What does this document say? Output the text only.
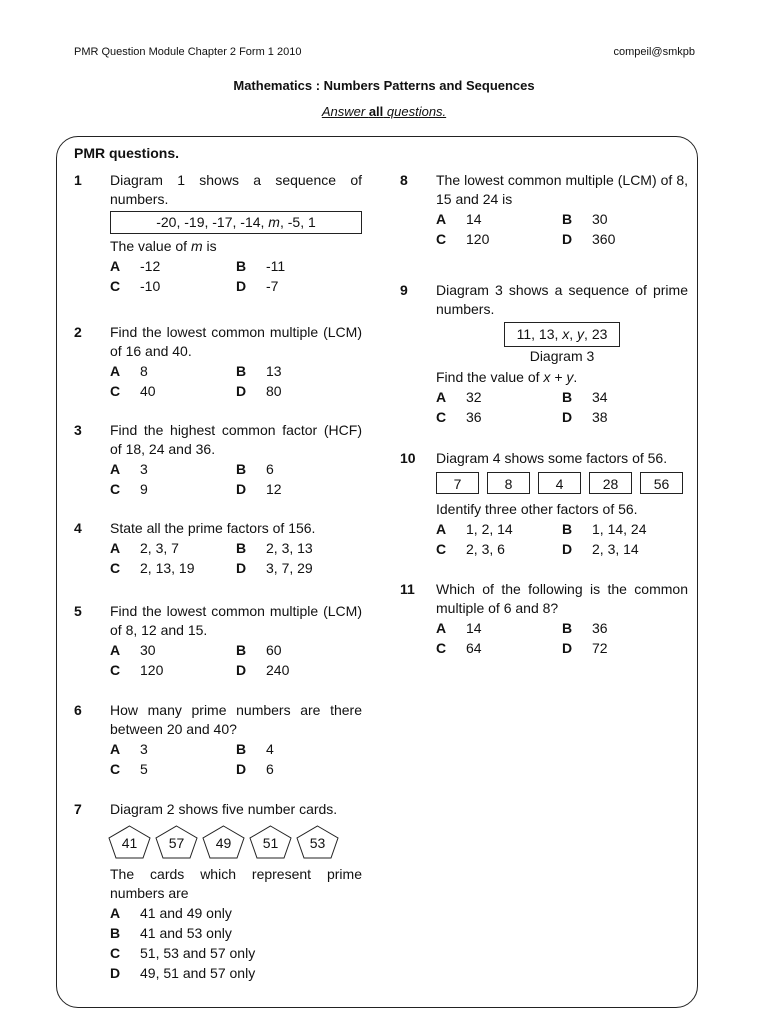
PMR Question Module Chapter 2 Form 1 2010	compeil@smkpb
Mathematics : Numbers Patterns and Sequences
Answer all questions.
PMR questions.
1	Diagram 1 shows a sequence of numbers.
-20, -19, -17, -14, m, -5, 1
The value of m is
A	-12	B	-11
C	-10	D	-7
2	Find the lowest common multiple (LCM) of 16 and 40.
A	8	B	13
C	40	D	80
3	Find the highest common factor (HCF) of 18, 24 and 36.
A	3	B	6
C	9	D	12
4	State all the prime factors of 156.
A	2, 3, 7	B	2, 3, 13
C	2, 13, 19	D	3, 7, 29
5	Find the lowest common multiple (LCM) of 8, 12 and 15.
A	30	B	60
C	120	D	240
6	How many prime numbers are there between 20 and 40?
A	3	B	4
C	5	D	6
7	Diagram 2 shows five number cards.
41	57	49	51	53
The cards which represent prime numbers are
A	41 and 49 only
B	41 and 53 only
C	51, 53 and 57 only
D	49, 51 and 57 only
8	The lowest common multiple (LCM) of 8, 15 and 24 is
A	14	B	30
C	120	D	360
9	Diagram 3 shows a sequence of prime numbers.
11, 13, x, y, 23
Diagram 3
Find the value of x + y.
A	32	B	34
C	36	D	38
10	Diagram 4 shows some factors of 56.
7	8	4	28	56
Identify three other factors of 56.
A	1, 2, 14	B	1, 14, 24
C	2, 3, 6	D	2, 3, 14
11	Which of the following is the common multiple of 6 and 8?
A	14	B	36
C	64	D	72
